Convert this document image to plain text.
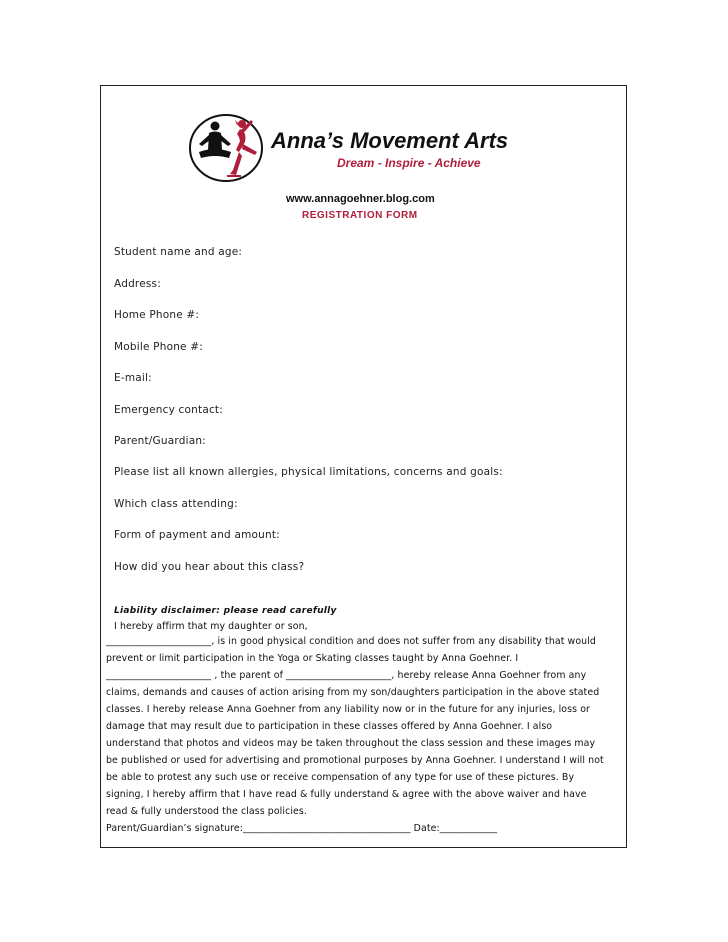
Anna’s Movement Arts
Dream - Inspire - Achieve
www.annagoehner.blog.com
REGISTRATION FORM
Student name and age:
Address:
Home Phone #:
Mobile Phone #:
E-mail:
Emergency contact:
Parent/Guardian:
Please list all known allergies, physical limitations, concerns and goals:
Which class attending:
Form of payment and amount:
How did you hear about this class?
Liability disclaimer: please read carefully
I hereby affirm that my daughter or son,
______________________, is in good physical condition and does not suffer from any disability that would
prevent or limit participation in the Yoga or Skating classes taught by Anna Goehner. I
______________________ , the parent of ______________________, hereby release Anna Goehner from any
claims, demands and causes of action arising from my son/daughters participation in the above stated
classes. I hereby release Anna Goehner from any liability now or in the future for any injuries, loss or
damage that may result due to participation in these classes offered by Anna Goehner. I also
understand that photos and videos may be taken throughout the class session and these images may
be published or used for advertising and promotional purposes by Anna Goehner. I understand I will not
be able to protest any such use or receive compensation of any type for use of these pictures. By
signing, I hereby affirm that I have read & fully understand & agree with the above waiver and have
read & fully understood the class policies.
Parent/Guardian’s signature:___________________________________ Date:____________
